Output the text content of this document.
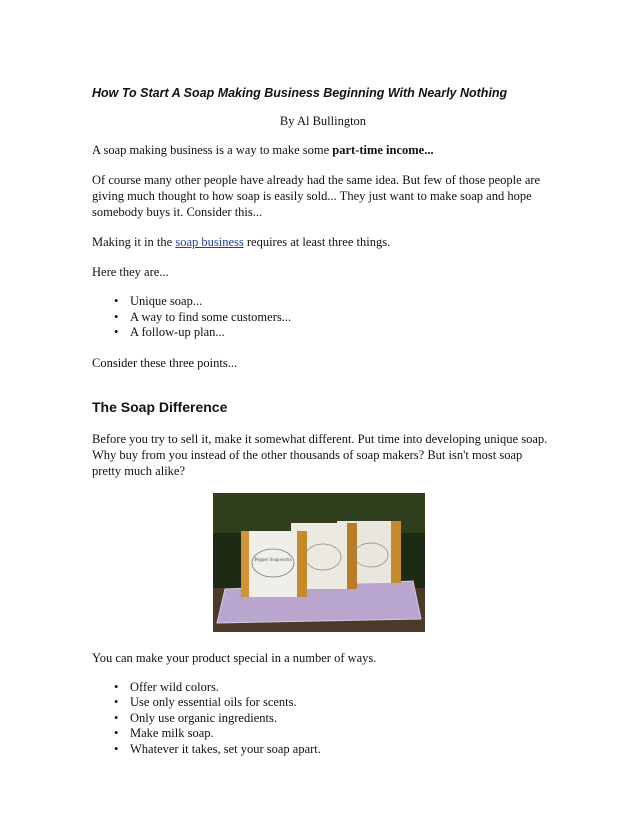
How To Start A Soap Making Business Beginning With Nearly Nothing
By Al Bullington

A soap making business is a way to make some part-time income...

Of course many other people have already had the same idea. But few of those people are giving much thought to how soap is easily sold... They just want to make soap and hope somebody buys it. Consider this...

Making it in the soap business requires at least three things.

Here they are...

• Unique soap...
• A way to find some customers...
• A follow-up plan...

Consider these three points...

The Soap Difference

Before you try to sell it, make it somewhat different. Put time into developing unique soap. Why buy from you instead of the other thousands of soap makers? But isn't most soap pretty much alike?

Pepper Soapworks

You can make your product special in a number of ways.

• Offer wild colors.
• Use only essential oils for scents.
• Only use organic ingredients.
• Make milk soap.
• Whatever it takes, set your soap apart.
